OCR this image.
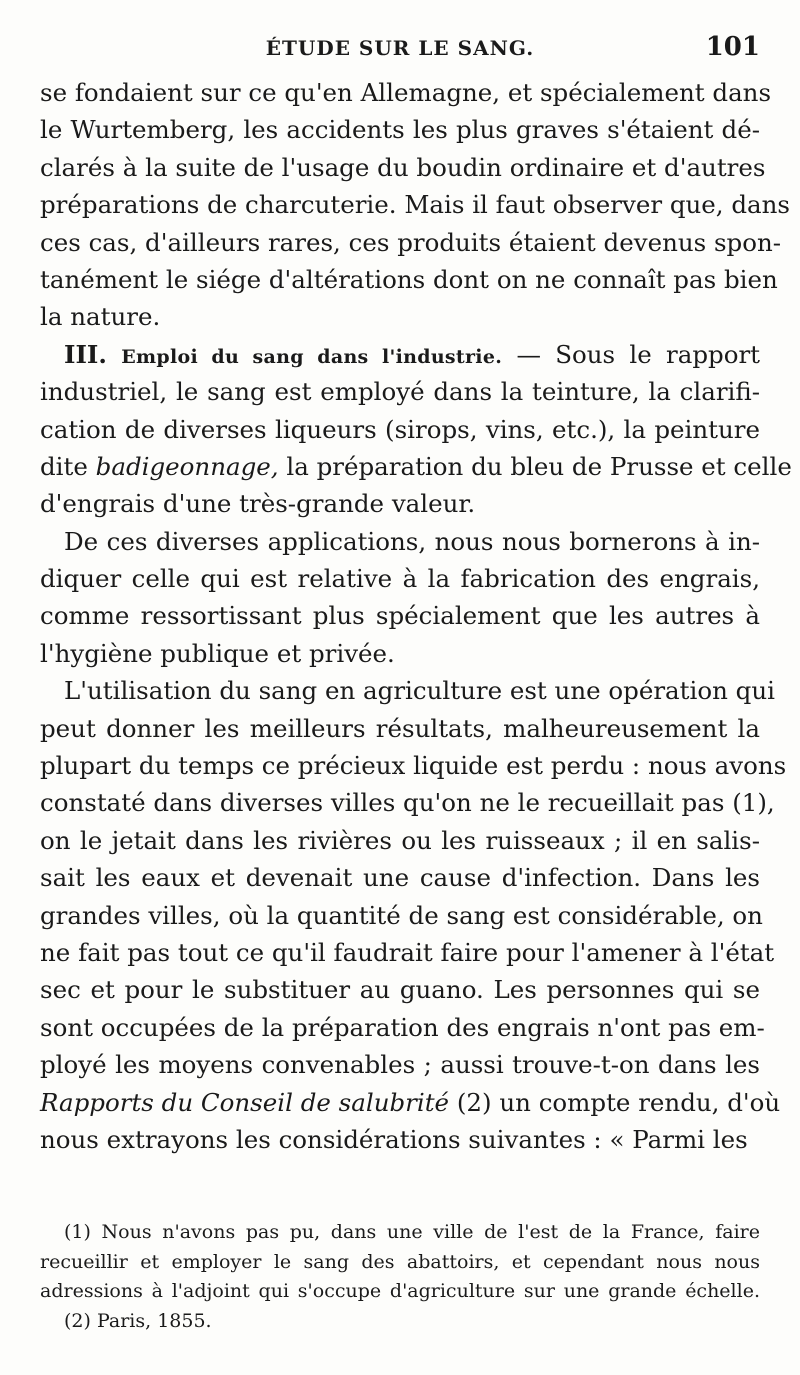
ÉTUDE SUR LE SANG.	101
se fondaient sur ce qu'en Allemagne, et spécialement dans
le Wurtemberg, les accidents les plus graves s'étaient dé-
clarés à la suite de l'usage du boudin ordinaire et d'autres
préparations de charcuterie. Mais il faut observer que, dans
ces cas, d'ailleurs rares, ces produits étaient devenus spon-
tanément le siége d'altérations dont on ne connaît pas bien
la nature.
III. Emploi du sang dans l'industrie. — Sous le rapport
industriel, le sang est employé dans la teinture, la clarifi-
cation de diverses liqueurs (sirops, vins, etc.), la peinture
dite badigeonnage, la préparation du bleu de Prusse et celle
d'engrais d'une très-grande valeur.
De ces diverses applications, nous nous bornerons à in-
diquer celle qui est relative à la fabrication des engrais,
comme ressortissant plus spécialement que les autres à
l'hygiène publique et privée.
L'utilisation du sang en agriculture est une opération qui
peut donner les meilleurs résultats, malheureusement la
plupart du temps ce précieux liquide est perdu : nous avons
constaté dans diverses villes qu'on ne le recueillait pas (1),
on le jetait dans les rivières ou les ruisseaux ; il en salis-
sait les eaux et devenait une cause d'infection. Dans les
grandes villes, où la quantité de sang est considérable, on
ne fait pas tout ce qu'il faudrait faire pour l'amener à l'état
sec et pour le substituer au guano. Les personnes qui se
sont occupées de la préparation des engrais n'ont pas em-
ployé les moyens convenables ; aussi trouve-t-on dans les
Rapports du Conseil de salubrité (2) un compte rendu, d'où
nous extrayons les considérations suivantes : « Parmi les
(1) Nous n'avons pas pu, dans une ville de l'est de la France, faire
recueillir et employer le sang des abattoirs, et cependant nous nous
adressions à l'adjoint qui s'occupe d'agriculture sur une grande échelle.
(2) Paris, 1855.
